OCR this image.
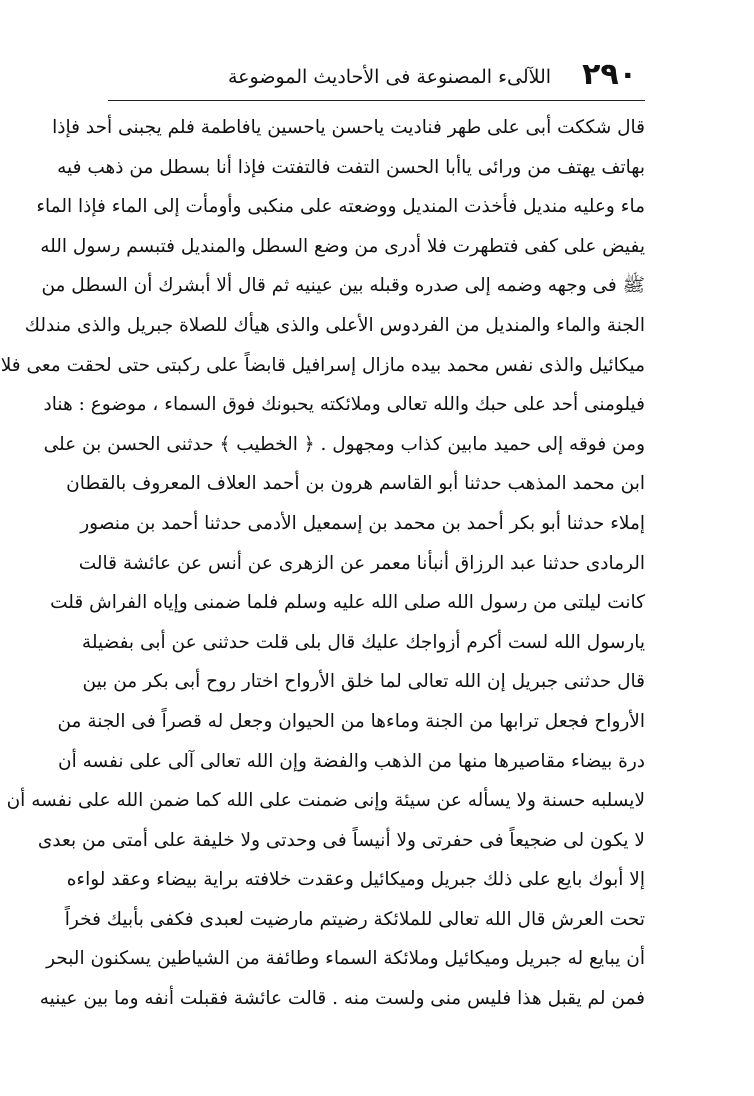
٢٩٠
اللآلىء المصنوعة فى الأحاديث الموضوعة
قال شككت أبى على طهر فناديت ياحسن ياحسين يافاطمة فلم يجبنى أحد فإذا
بهاتف يهتف من ورائى ياأبا الحسن التفت فالتفتت فإذا أنا بسطل من ذهب فيه
ماء وعليه منديل فأخذت المنديل ووضعته على منكبى وأومأت إلى الماء فإذا الماء
يفيض على كفى فتطهرت فلا أدرى من وضع السطل والمنديل فتبسم رسول الله
ﷺ فى وجهه وضمه إلى صدره وقبله بين عينيه ثم قال ألا أبشرك أن السطل من
الجنة والماء والمنديل من الفردوس الأعلى والذى هيأك للصلاة جبريل والذى مندلك
ميكائيل والذى نفس محمد بيده مازال إسرافيل قابضاً على ركبتى حتى لحقت معى فلا
فيلومنى أحد على حبك والله تعالى وملائكته يحبونك فوق السماء ، موضوع : هناد
ومن فوقه إلى حميد مابين كذاب ومجهول . ﴿ الخطيب ﴾ حدثنى الحسن بن على
ابن محمد المذهب حدثنا أبو القاسم هرون بن أحمد العلاف المعروف بالقطان
إملاء حدثنا أبو بكر أحمد بن محمد بن إسمعيل الأدمى حدثنا أحمد بن منصور
الرمادى حدثنا عبد الرزاق أنبأنا معمر عن الزهرى عن أنس عن عائشة قالت
كانت ليلتى من رسول الله صلى الله عليه وسلم فلما ضمنى وإياه الفراش قلت
يارسول الله لست أكرم أزواجك عليك قال بلى قلت حدثنى عن أبى بفضيلة
قال حدثنى جبريل إن الله تعالى لما خلق الأرواح اختار روح أبى بكر من بين
الأرواح فجعل ترابها من الجنة وماءها من الحيوان وجعل له قصراً فى الجنة من
درة بيضاء مقاصيرها منها من الذهب والفضة وإن الله تعالى آلى على نفسه أن
لايسلبه حسنة ولا يسأله عن سيئة وإنى ضمنت على الله كما ضمن الله على نفسه أن
لا يكون لى ضجيعاً فى حفرتى ولا أنيساً فى وحدتى ولا خليفة على أمتى من بعدى
إلا أبوك بايع على ذلك جبريل وميكائيل وعقدت خلافته براية بيضاء وعقد لواءه
تحت العرش قال الله تعالى للملائكة رضيتم مارضيت لعبدى فكفى بأبيك فخراً
أن يبايع له جبريل وميكائيل وملائكة السماء وطائفة من الشياطين يسكنون البحر
فمن لم يقبل هذا فليس منى ولست منه . قالت عائشة فقبلت أنفه وما بين عينيه
